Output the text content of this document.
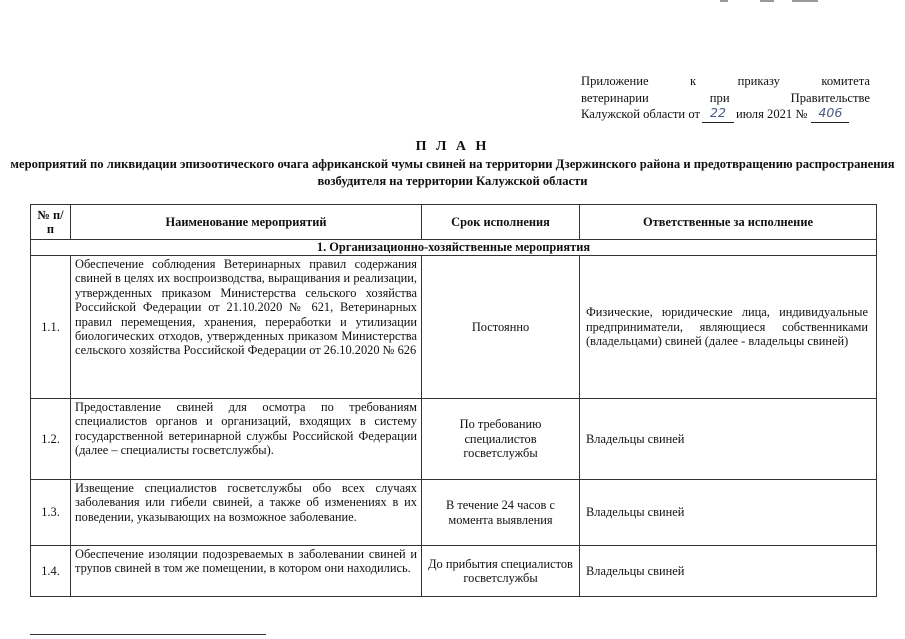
Приложение	к	приказу	комитета
ветеринарии	при	Правительстве
Калужской области от 22 июля 2021 № 406
П Л А Н
мероприятий по ликвидации эпизоотического очага африканской чумы свиней на территории Дзержинского района и предотвращению распространения возбудителя на территории Калужской области
№ п/п	Наименование мероприятий	Срок исполнения	Ответственные за исполнение
1. Организационно-хозяйственные мероприятия			
1.1.	Обеспечение соблюдения Ветеринарных правил содержания свиней в целях их воспроизводства, выращивания и реализации, утвержденных приказом Министерства сельского хозяйства Российской Федерации от 21.10.2020 № 621, Ветеринарных правил перемещения, хранения, переработки и утилизации биологических отходов, утвержденных приказом Министерства сельского хозяйства Российской Федерации от 26.10.2020 № 626	Постоянно	Физические, юридические лица, индивидуальные предприниматели, являющиеся собственниками (владельцами) свиней (далее - владельцы свиней)
1.2.	Предоставление свиней для осмотра по требованиям специалистов органов и организаций, входящих в систему государственной ветеринарной службы Российской Федерации (далее – специалисты госветслужбы).	По требованию специалистов госветслужбы	Владельцы свиней
1.3.	Извещение специалистов госветслужбы обо всех случаях заболевания или гибели свиней, а также об изменениях в их поведении, указывающих на возможное заболевание.	В течение 24 часов с момента выявления	Владельцы свиней
1.4.	Обеспечение изоляции подозреваемых в заболевании свиней и трупов свиней в том же помещении, в котором они находились.	До прибытия специалистов госветслужбы	Владельцы свиней
